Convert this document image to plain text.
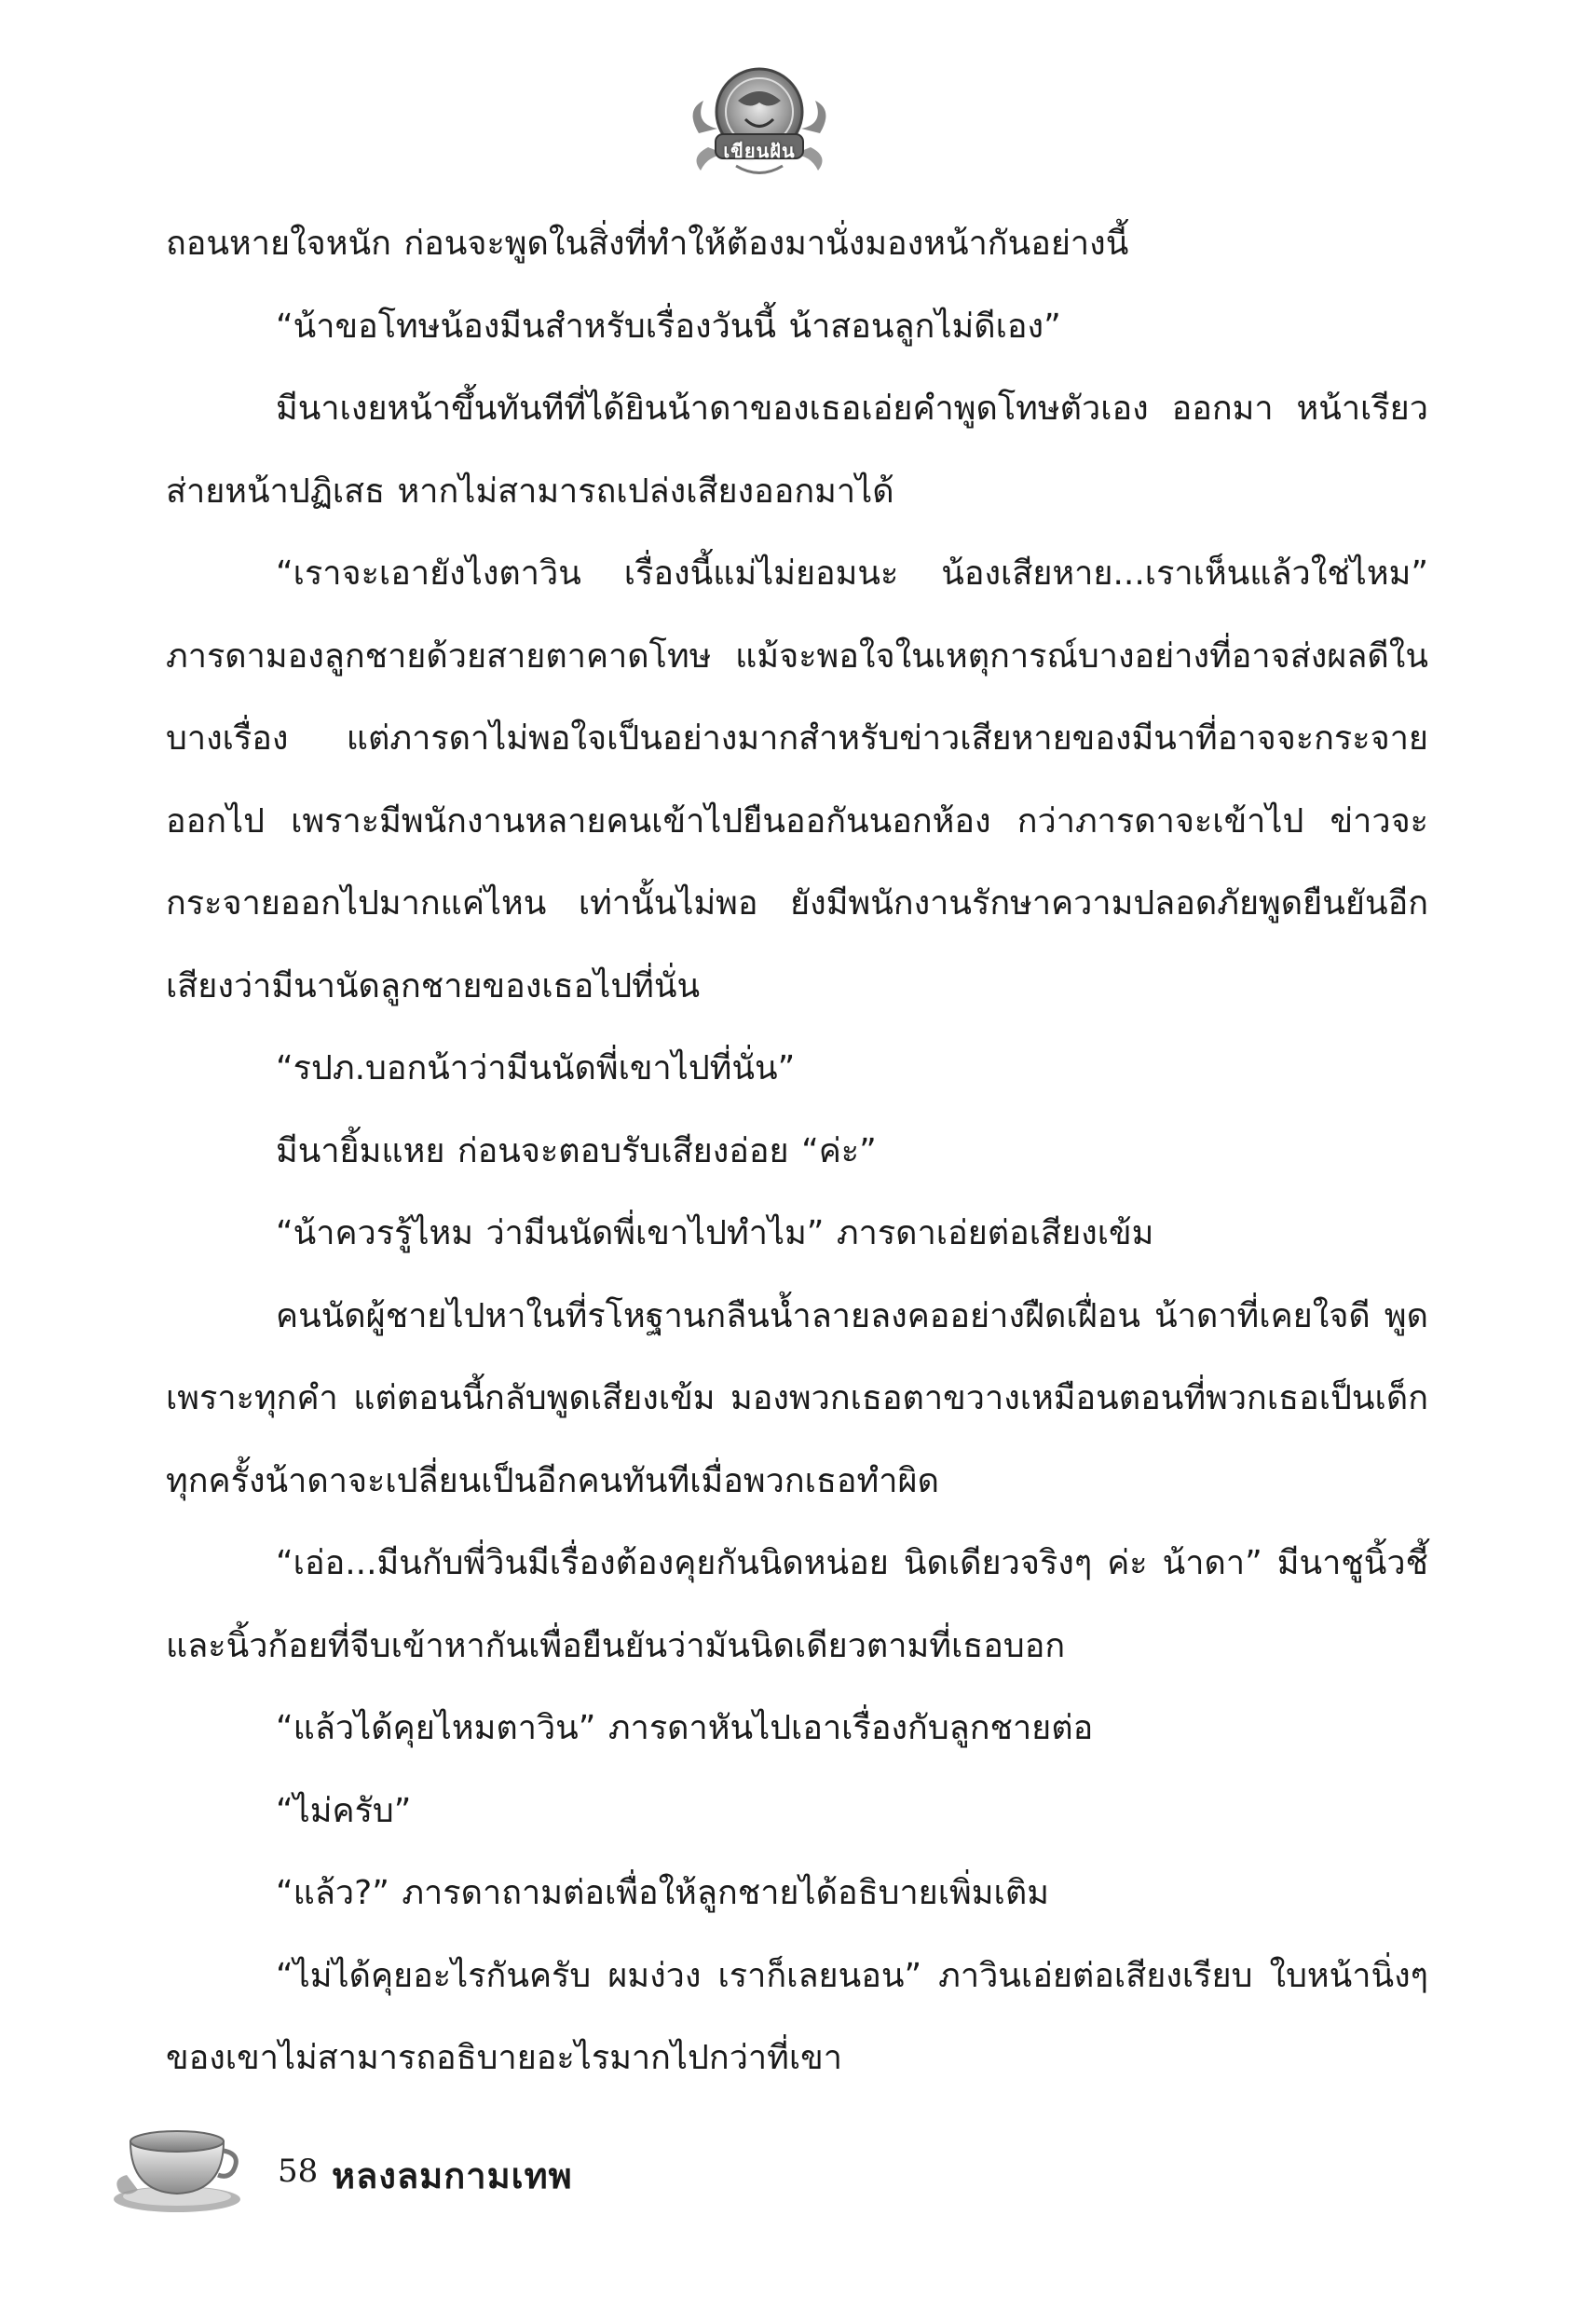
เขียนฝัน

ถอนหายใจหนัก ก่อนจะพูดในสิ่งที่ทำให้ต้องมานั่งมองหน้ากันอย่างนี้

“น้าขอโทษน้องมีนสำหรับเรื่องวันนี้ น้าสอนลูกไม่ดีเอง”

มีนาเงยหน้าขึ้นทันทีที่ได้ยินน้าดาของเธอเอ่ยคำพูดโทษตัวเอง ออกมา หน้าเรียวส่ายหน้าปฏิเสธ หากไม่สามารถเปล่งเสียงออกมาได้

“เราจะเอายังไงตาวิน เรื่องนี้แม่ไม่ยอมนะ น้องเสียหาย...เราเห็นแล้วใช่ไหม” ภารดามองลูกชายด้วยสายตาคาดโทษ แม้จะพอใจในเหตุการณ์บางอย่างที่อาจส่งผลดีในบางเรื่อง แต่ภารดาไม่พอใจเป็นอย่างมากสำหรับข่าวเสียหายของมีนาที่อาจจะกระจายออกไป เพราะมีพนักงานหลายคนเข้าไปยืนออกันนอกห้อง กว่าภารดาจะเข้าไป ข่าวจะกระจายออกไปมากแค่ไหน เท่านั้นไม่พอ ยังมีพนักงานรักษาความปลอดภัยพูดยืนยันอีกเสียงว่ามีนานัดลูกชายของเธอไปที่นั่น

“รปภ.บอกน้าว่ามีนนัดพี่เขาไปที่นั่น”

มีนายิ้มแหย ก่อนจะตอบรับเสียงอ่อย “ค่ะ”

“น้าควรรู้ไหม ว่ามีนนัดพี่เขาไปทำไม” ภารดาเอ่ยต่อเสียงเข้ม

คนนัดผู้ชายไปหาในที่รโหฐานกลืนน้ำลายลงคออย่างฝืดเฝื่อน น้าดาที่เคยใจดี พูดเพราะทุกคำ แต่ตอนนี้กลับพูดเสียงเข้ม มองพวกเธอตาขวางเหมือนตอนที่พวกเธอเป็นเด็ก ทุกครั้งน้าดาจะเปลี่ยนเป็นอีกคนทันทีเมื่อพวกเธอทำผิด

“เอ่อ...มีนกับพี่วินมีเรื่องต้องคุยกันนิดหน่อย นิดเดียวจริงๆ ค่ะ น้าดา” มีนาชูนิ้วชี้และนิ้วก้อยที่จีบเข้าหากันเพื่อยืนยันว่ามันนิดเดียวตามที่เธอบอก

“แล้วได้คุยไหมตาวิน” ภารดาหันไปเอาเรื่องกับลูกชายต่อ

“ไม่ครับ”

“แล้ว?” ภารดาถามต่อเพื่อให้ลูกชายได้อธิบายเพิ่มเติม

“ไม่ได้คุยอะไรกันครับ ผมง่วง เราก็เลยนอน” ภาวินเอ่ยต่อเสียงเรียบ ใบหน้านิ่งๆ ของเขาไม่สามารถอธิบายอะไรมากไปกว่าที่เขา

58 หลงลมกามเทพ
